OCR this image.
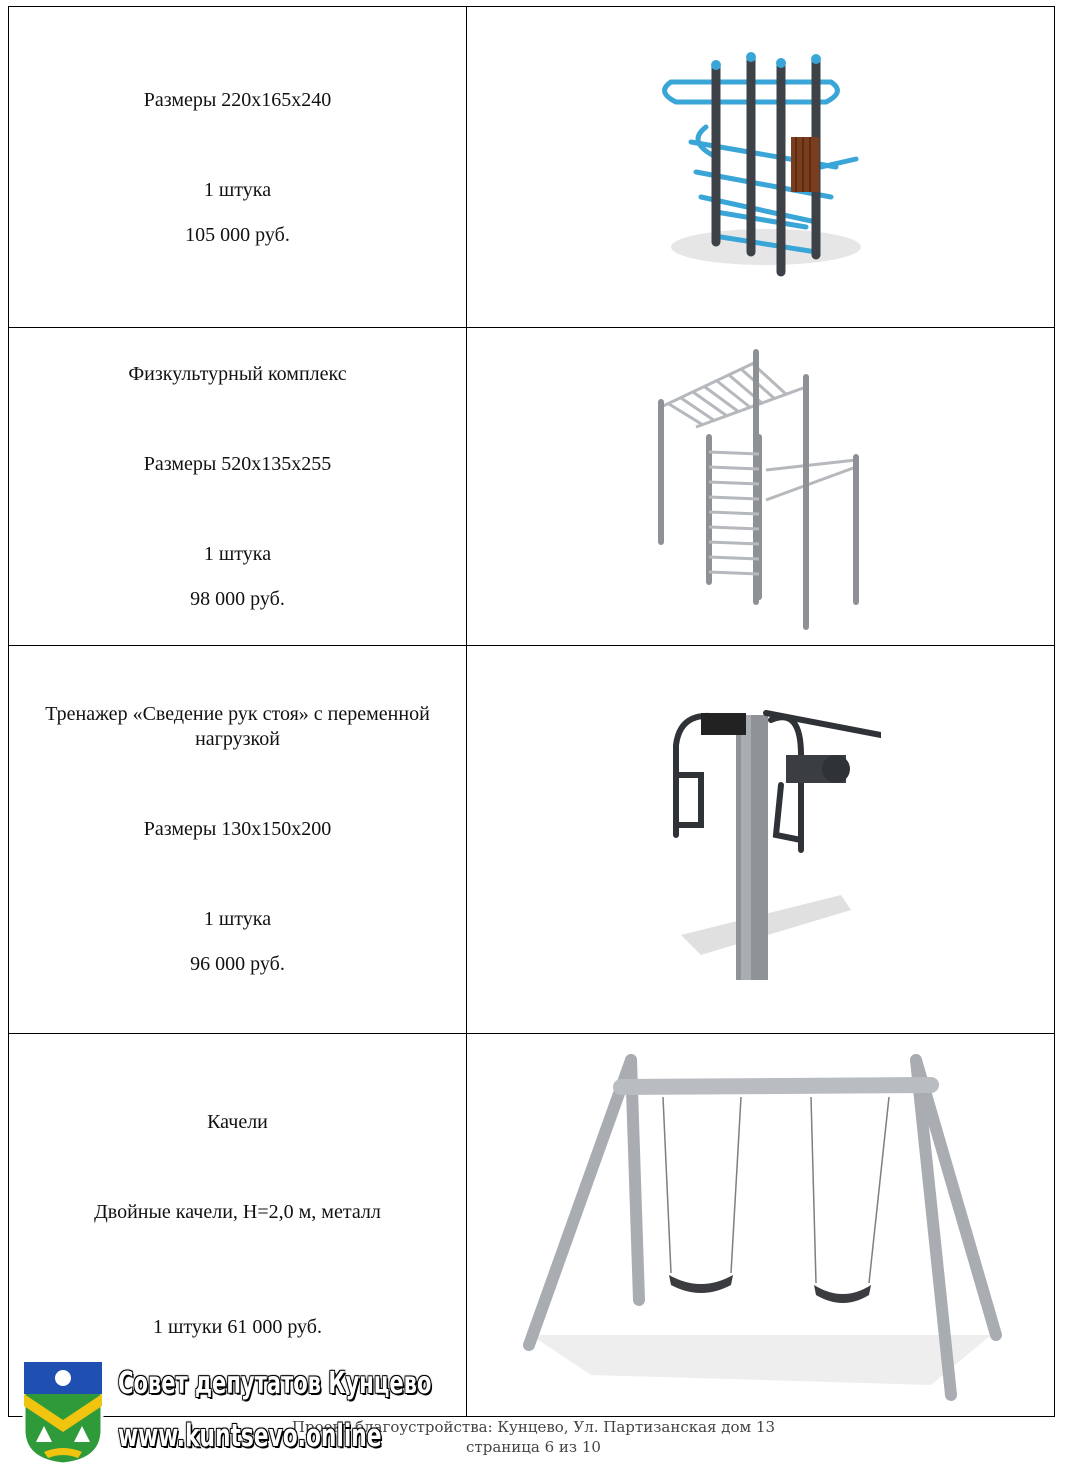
Размеры 220х165х240

1 штука

105 000 руб.

Физкультурный комплекс

Размеры 520х135х255

1 штука

98 000 руб.

Тренажер «Сведение рук стоя» с переменной нагрузкой

Размеры 130х150х200

1 штука

96 000 руб.

Качели

Двойные качели, Н=2,0 м, металл

1 штуки 61 000 руб.

Проект благоустройства: Кунцево, Ул. Партизанская дом 13
страница 6 из 10
Совет депутатов Кунцево
www.kuntsevo.online
